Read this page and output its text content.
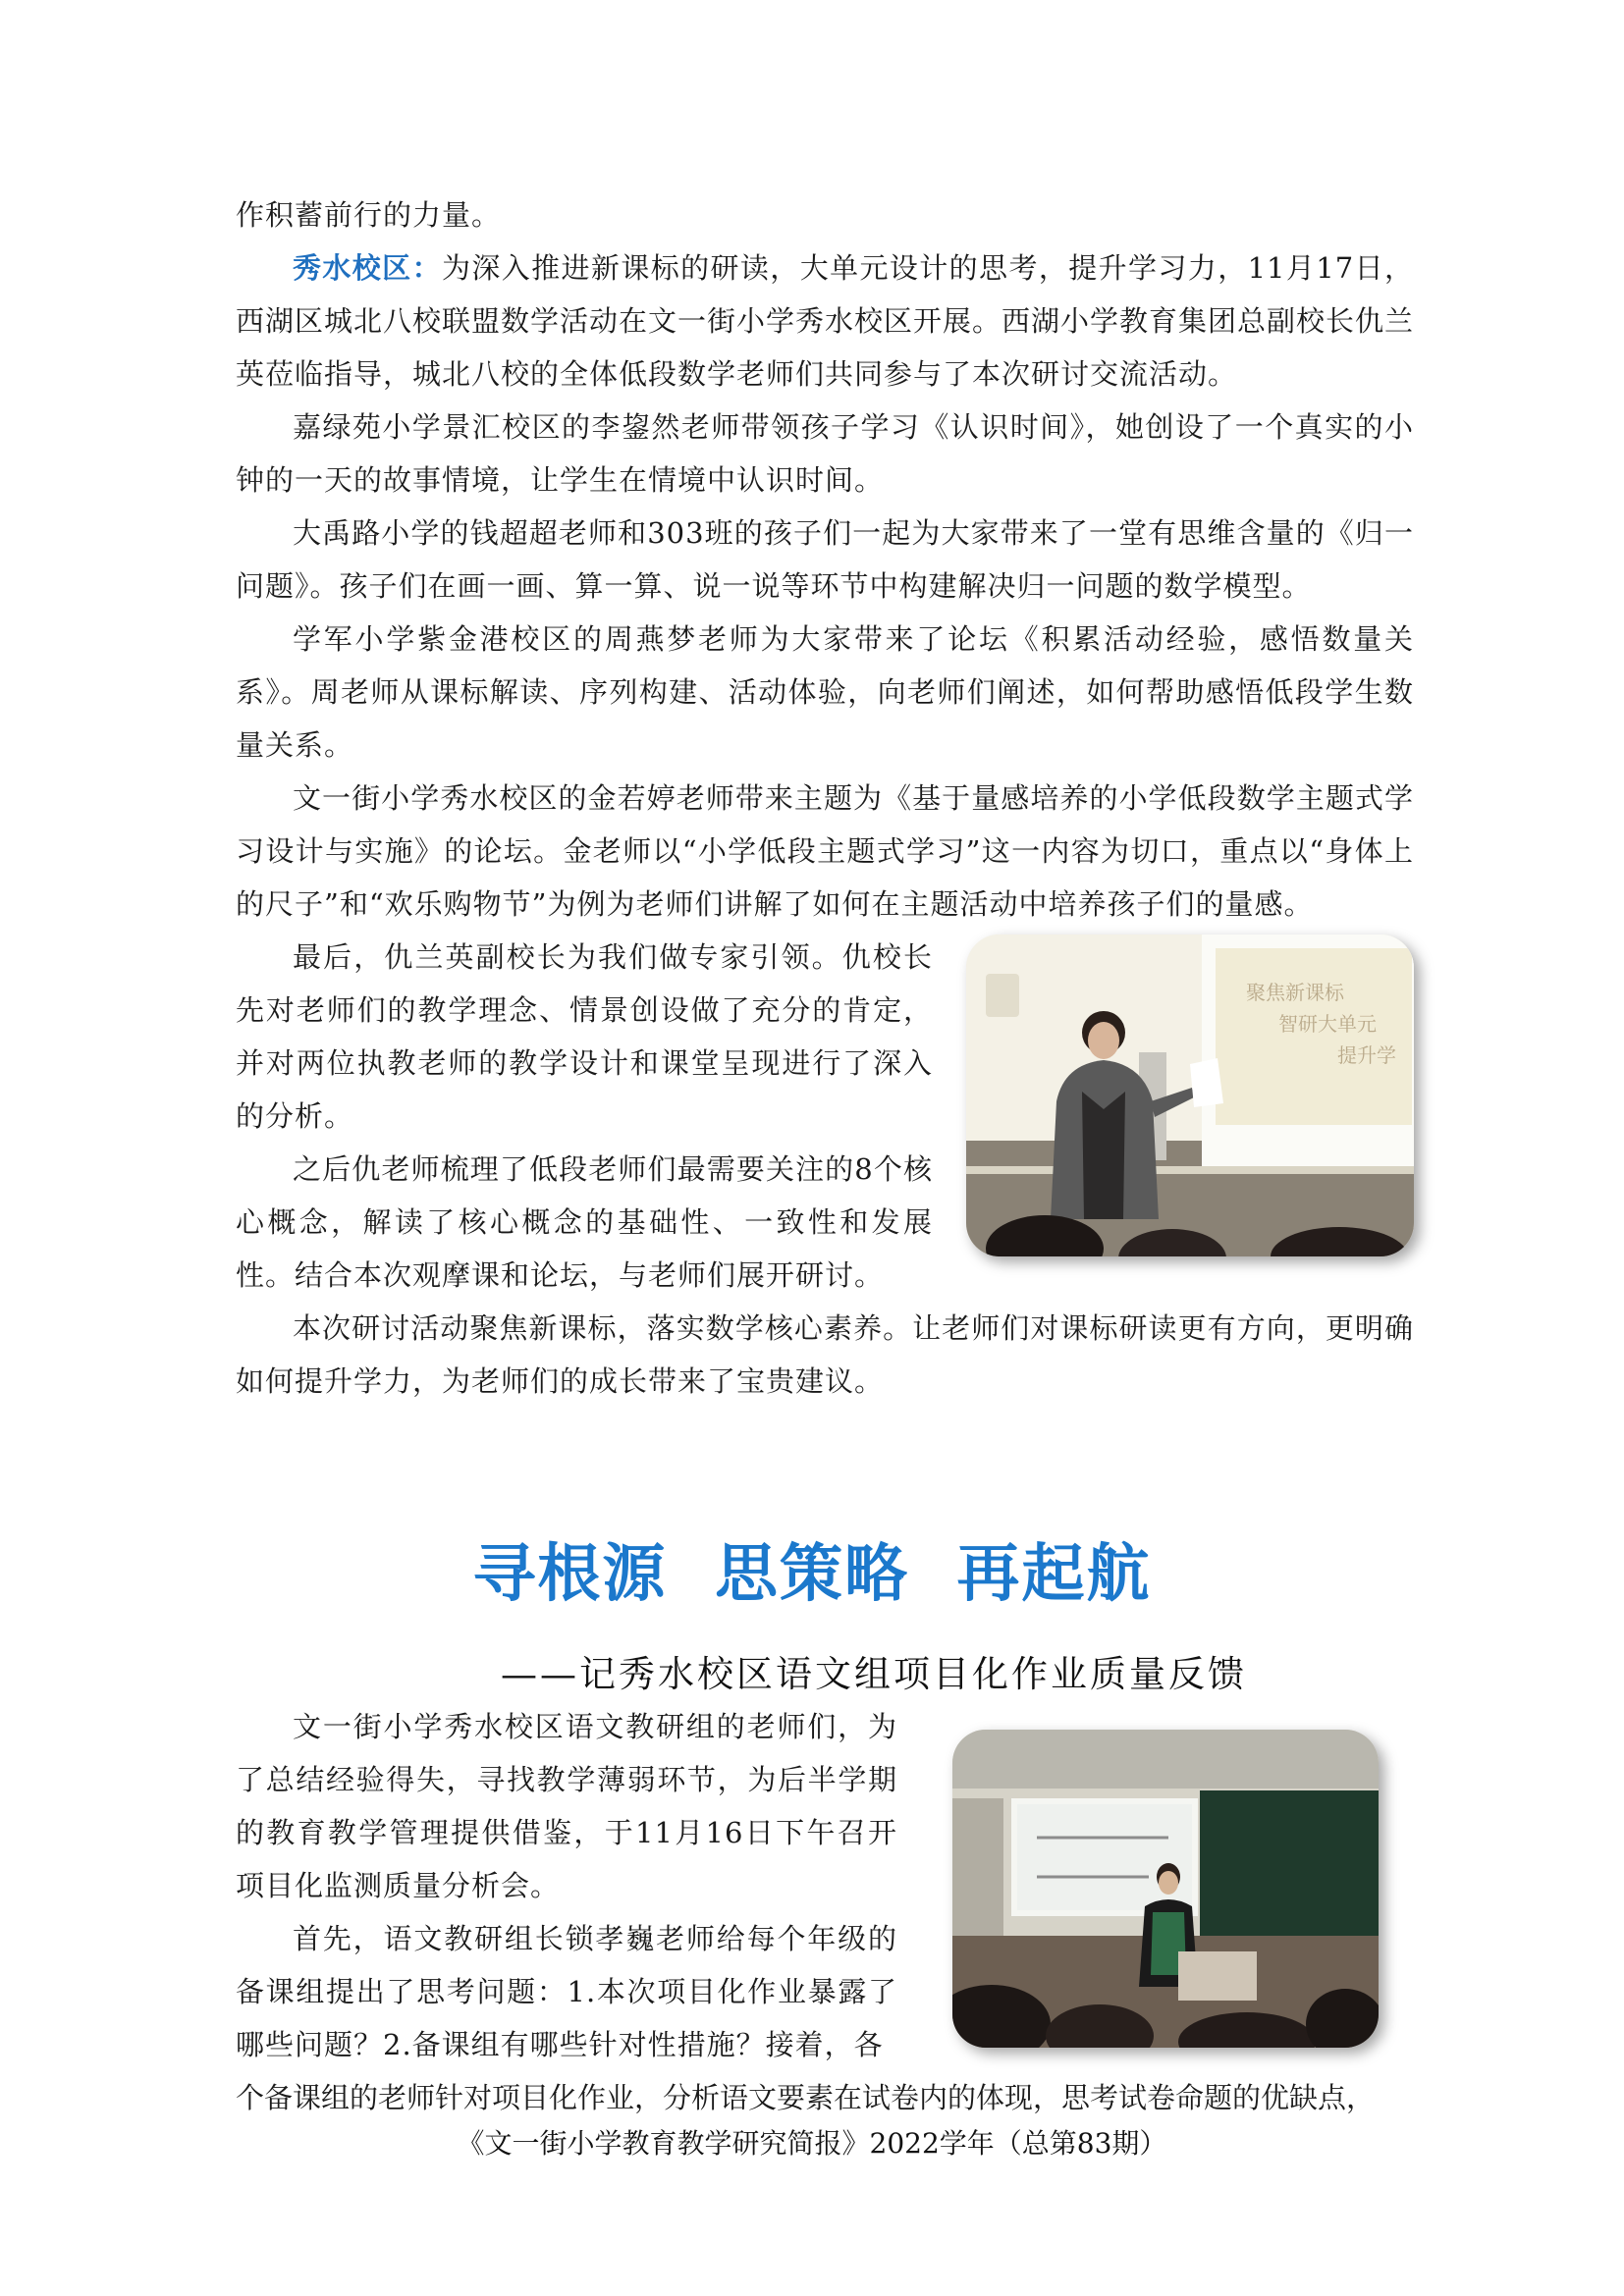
作积蓄前行的力量。

秀水校区：为深入推进新课标的研读，大单元设计的思考，提升学习力，11月17日，西湖区城北八校联盟数学活动在文一街小学秀水校区开展。西湖小学教育集团总副校长仇兰英莅临指导，城北八校的全体低段数学老师们共同参与了本次研讨交流活动。

嘉绿苑小学景汇校区的李鋆然老师带领孩子学习《认识时间》，她创设了一个真实的小钟的一天的故事情境，让学生在情境中认识时间。

大禹路小学的钱超超老师和303班的孩子们一起为大家带来了一堂有思维含量的《归一问题》。孩子们在画一画、算一算、说一说等环节中构建解决归一问题的数学模型。

学军小学紫金港校区的周燕梦老师为大家带来了论坛《积累活动经验，感悟数量关系》。周老师从课标解读、序列构建、活动体验，向老师们阐述，如何帮助感悟低段学生数量关系。

文一街小学秀水校区的金若婷老师带来主题为《基于量感培养的小学低段数学主题式学习设计与实施》的论坛。金老师以“小学低段主题式学习”这一内容为切口，重点以“身体上的尺子”和“欢乐购物节”为例为老师们讲解了如何在主题活动中培养孩子们的量感。

最后，仇兰英副校长为我们做专家引领。仇校长先对老师们的教学理念、情景创设做了充分的肯定，并对两位执教老师的教学设计和课堂呈现进行了深入的分析。

之后仇老师梳理了低段老师们最需要关注的8个核心概念，解读了核心概念的基础性、一致性和发展性。结合本次观摩课和论坛，与老师们展开研讨。

本次研讨活动聚焦新课标，落实数学核心素养。让老师们对课标研读更有方向，更明确如何提升学力，为老师们的成长带来了宝贵建议。

聚焦新课标
智研大单元
提升学
寻根源  思策略  再起航
——记秀水校区语文组项目化作业质量反馈

文一街小学秀水校区语文教研组的老师们，为了总结经验得失，寻找教学薄弱环节，为后半学期的教育教学管理提供借鉴，于11月16日下午召开项目化监测质量分析会。

首先，语文教研组长锁孝巍老师给每个年级的备课组提出了思考问题：1.本次项目化作业暴露了哪些问题？2.备课组有哪些针对性措施？接着，各

个备课组的老师针对项目化作业，分析语文要素在试卷内的体现，思考试卷命题的优缺点，

《文一街小学教育教学研究简报》2022学年（总第83期）
